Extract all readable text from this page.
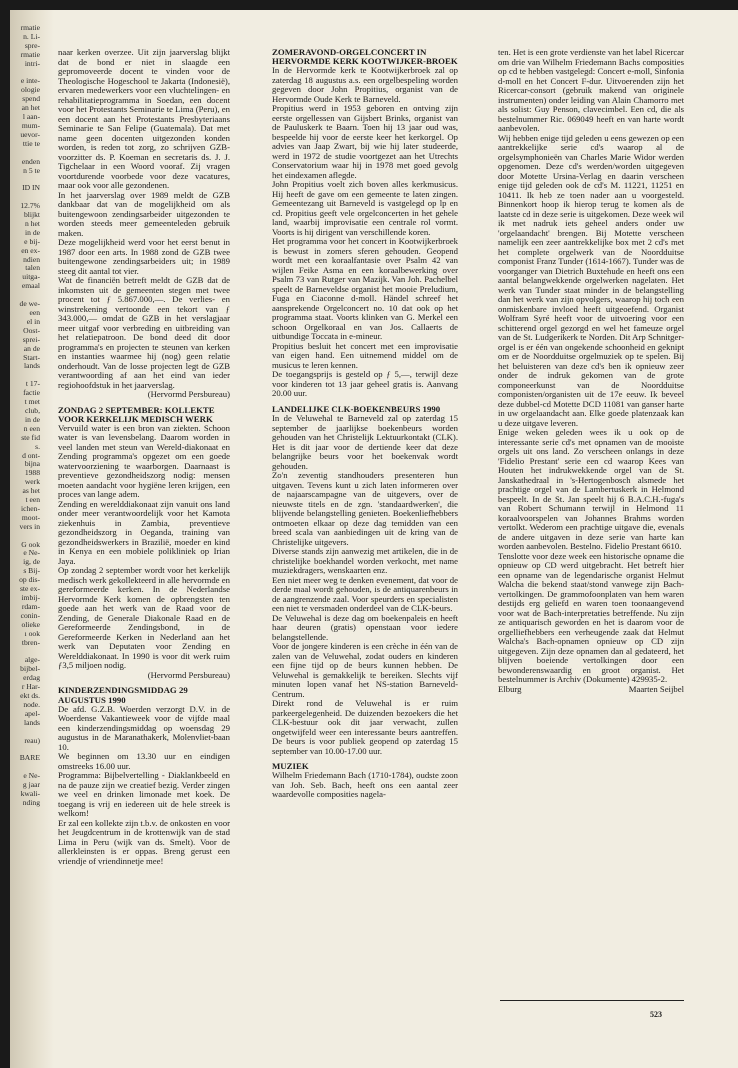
rmatie
n. Li-
spre-
rmatie
intri-

e inte-
ologie
spend
an het
l aan-
mum-
uevor-
ttie te

enden
n 5 te

ID IN

12.7%
blijkt
n het
in de
e bij-
en ex-
ndien
talen
uitga-
emaal

de we-
een
el in
Oost-
sprei-
an de
Start-
lands

t 17-
factie
t met
club,
in de
n een
ste fid
s.
d ont-
bijna
1988
werk
as het
t een
ichen-
moot-
vers in

G ook
e Ne-
ig, de
s Bij-
op dis-
ste ex-
imbij-
rdam-
conin-
olieke
ı ook
tbren-

alge-
bijbel-
erdag
r Har-
ekt ds.
node.
apel-
lands

reau)

BARE

e Ne-
g jaar
kwali-
nding

naar kerken overzee. Uit zijn jaarverslag blijkt dat de bond er niet in slaagde een gepromoveerde docent te vinden voor de Theologische Hogeschool te Jakarta (Indonesië), ervaren medewerkers voor een vluchtelingen- en rehabilitatieprogramma in Soedan, een docent voor het Protestants Seminarie te Lima (Peru), en een docent aan het Protestants Presbyteriaans Seminarie te San Felipe (Guatemala). Dat met name geen docenten uitgezonden konden worden, is reden tot zorg, zo schrijven GZB-voorzitter ds. P. Koeman en secretaris ds. J. J. Tigchelaar in een Woord vooraf. Zij vragen voortdurende voorbede voor deze vacatures, maar ook voor alle gezondenen.

In het jaarverslag over 1989 meldt de GZB dankbaar dat van de mogelijkheid om als buitengewoon zendingsarbeider uitgezonden te worden steeds meer gemeenteleden gebruik maken.

Deze mogelijkheid werd voor het eerst benut in 1987 door een arts. In 1988 zond de GZB twee buitengewone zendingsarbeiders uit; in 1989 steeg dit aantal tot vier.

Wat de financiën betreft meldt de GZB dat de inkomsten uit de gemeenten stegen met twee procent tot ƒ 5.867.000,—. De verlies- en winstrekening vertoonde een tekort van ƒ 343.000,— omdat de GZB in het verslagjaar meer uitgaf voor verbreding en uitbreiding van het relatiepatroon. De bond deed dit door programma's en projecten te steunen van kerken en instanties waarmee hij (nog) geen relatie onderhoudt. Van de losse projecten legt de GZB verantwoording af aan het eind van ieder regiohoofdstuk in het jaarverslag.

(Hervormd Persbureau)

ZONDAG 2 SEPTEMBER: KOLLEKTE VOOR KERKELIJK MEDISCH WERK

Vervuild water is een bron van ziekten. Schoon water is van levensbelang. Daarom worden in veel landen met steun van Wereld-diakonaat en Zending programma's opgezet om een goede watervoorziening te waarborgen. Daarnaast is preventieve gezondheidszorg nodig: mensen moeten aandacht voor hygiëne leren krijgen, een proces van lange adem.

Zending en werelddiakonaat zijn vanuit ons land onder meer verantwoordelijk voor het Kamota ziekenhuis in Zambia, preventieve gezondheidszorg in Oeganda, training van gezondheidswerkers in Brazilië, moeder en kind in Kenya en een mobiele polikliniek op Irian Jaya.

Op zondag 2 september wordt voor het kerkelijk medisch werk gekollekteerd in alle hervormde en gereformeerde kerken. In de Nederlandse Hervormde Kerk komen de opbrengsten ten goede aan het werk van de Raad voor de Zending, de Generale Diakonale Raad en de Gereformeerde Zendingsbond, in de Gereformeerde Kerken in Nederland aan het werk van Deputaten voor Zending en Werelddiakonaat. In 1990 is voor dit werk ruim ƒ3,5 miljoen nodig.

(Hervormd Persbureau)

KINDERZENDINGSMIDDAG 29 AUGUSTUS 1990

De afd. G.Z.B. Woerden verzorgt D.V. in de Woerdense Vakantieweek voor de vijfde maal een kinderzendingsmiddag op woensdag 29 augustus in de Maranathakerk, Molenvliet-baan 10.

We beginnen om 13.30 uur en eindigen omstreeks 16.00 uur.

Programma: Bijbelvertelling - Diaklankbeeld en na de pauze zijn we creatief bezig. Verder zingen we veel en drinken limonade met koek. De toegang is vrij en iedereen uit de hele streek is welkom!

Er zal een kollekte zijn t.b.v. de onkosten en voor het Jeugdcentrum in de krottenwijk van de stad Lima in Peru (wijk van ds. Smelt). Voor de allerkleinsten is er oppas. Breng gerust een vriendje of vriendinnetje mee!

ZOMERAVOND-ORGELCONCERT IN HERVORMDE KERK KOOTWIJKER-BROEK

In de Hervormde kerk te Kootwijkerbroek zal op zaterdag 18 augustus a.s. een orgelbespeling worden gegeven door John Propitius, organist van de Hervormde Oude Kerk te Barneveld.

Propitius werd in 1953 geboren en ontving zijn eerste orgellessen van Gijsbert Brinks, organist van de Pauluskerk te Baarn. Toen hij 13 jaar oud was, bespeelde hij voor de eerste keer het kerkorgel. Op advies van Jaap Zwart, bij wie hij later studeerde, werd in 1972 de studie voortgezet aan het Utrechts Conservatorium waar hij in 1978 met goed gevolg het eindexamen aflegde.

John Propitius voelt zich boven alles kerkmusicus. Hij heeft de gave om een gemeente te laten zingen. Gemeentezang uit Barneveld is vastgelegd op lp en cd. Propitius geeft vele orgelconcerten in het gehele land, waarbij improvisatie een centrale rol vormt. Voorts is hij dirigent van verschillende koren.

Het programma voor het concert in Kootwijkerbroek is bewust in zomers sferen gehouden. Geopend wordt met een koraalfantasie over Psalm 42 van wijlen Feike Asma en een koraalbewerking over Psalm 73 van Rutger van Mazijk. Van Joh. Pachelbel speelt de Barneveldse organist het mooie Preludium, Fuga en Ciaconne d-moll. Händel schreef het aansprekende Orgelconcert no. 10 dat ook op het programma staat. Voorts klinken van G. Merkel een schoon Orgelkoraal en van Jos. Callaerts de uitbundige Toccata in e-mineur.

Propitius besluit het concert met een improvisatie van eigen hand. Een uitnemend middel om de musicus te leren kennen.

De toegangsprijs is gesteld op ƒ 5,—, terwijl deze voor kinderen tot 13 jaar geheel gratis is. Aanvang 20.00 uur.

LANDELIJKE CLK-BOEKENBEURS 1990

In de Veluwehal te Barneveld zal op zaterdag 15 september de jaarlijkse boekenbeurs worden gehouden van het Christelijk Lektuurkontakt (CLK). Het is dit jaar voor de dertiende keer dat deze belangrijke beurs voor het boekenvak wordt gehouden.

Zo'n zeventig standhouders presenteren hun uitgaven. Tevens kunt u zich laten informeren over de najaarscampagne van de uitgevers, over de nieuwste titels en de zgn. 'standaardwerken', die blijvende belangstelling genieten. Boekenliefhebbers ontmoeten elkaar op deze dag temidden van een breed scala van aanbiedingen uit de kring van de Christelijke uitgevers.

Diverse stands zijn aanwezig met artikelen, die in de christelijke boekhandel worden verkocht, met name muziekdragers, wenskaarten enz.

Een niet meer weg te denken evenement, dat voor de derde maal wordt gehouden, is de antiquarenbeurs in de aangrenzende zaal. Voor speurders en specialisten een niet te versmaden onderdeel van de CLK-beurs.

De Veluwehal is deze dag om boekenpaleis en heeft haar deuren (gratis) openstaan voor iedere belangstellende.

Voor de jongere kinderen is een crèche in één van de zalen van de Veluwehal, zodat ouders en kinderen een fijne tijd op de beurs kunnen hebben. De Veluwehal is gemakkelijk te bereiken. Slechts vijf minuten lopen vanaf het NS-station Barneveld-Centrum.

Direkt rond de Veluwehal is er ruim parkeergelegenheid. De duizenden bezoekers die het CLK-bestuur ook dit jaar verwacht, zullen ongetwijfeld weer een interessante beurs aantreffen. De beurs is voor publiek geopend op zaterdag 15 september van 10.00-17.00 uur.

MUZIEK

Wilhelm Friedemann Bach (1710-1784), oudste zoon van Joh. Seb. Bach, heeft ons een aantal zeer waardevolle composities nagela-

ten. Het is een grote verdienste van het label Ricercar om drie van Wilhelm Friedemann Bachs composities op cd te hebben vastgelegd: Concert e-moll, Sinfonia d-moll en het Concert F-dur. Uitvoerenden zijn het Ricercar-consort (gebruik makend van originele instrumenten) onder leiding van Alain Chamorro met als solist: Guy Penson, clavecimbel. Een cd, die als bestelnummer Ric. 069049 heeft en van harte wordt aanbevolen.

Wij hebben enige tijd geleden u eens gewezen op een aantrekkelijke serie cd's waarop al de orgelsymphonieën van Charles Marie Widor werden opgenomen. Deze cd's werden/worden uitgegeven door Motette Ursina-Verlag en daarin verscheen enige tijd geleden ook de cd's M. 11221, 11251 en 10411. Ik heb ze toen nader aan u voorgesteld. Binnenkort hoop ik hierop terug te komen als de laatste cd in deze serie is uitgekomen. Deze week wil ik met nadruk iets geheel anders onder uw 'orgelaandacht' brengen. Bij Motette verscheen namelijk een zeer aantrekkelijke box met 2 cd's met het complete orgelwerk van de Noordduitse componist Franz Tunder (1614-1667). Tunder was de voorganger van Dietrich Buxtehude en heeft ons een aantal belangwekkende orgelwerken nagelaten. Het werk van Tunder staat minder in de belangstelling dan het werk van zijn opvolgers, waarop hij toch een onmiskenbare invloed heeft uitgeoefend. Organist Wolfram Syré heeft voor de uitvoering voor een schitterend orgel gezorgd en wel het fameuze orgel van de St. Ludgerikerk te Norden. Dit Arp Schnitger-orgel is er één van ongekende schoonheid en geknipt om er de Noordduitse orgelmuziek op te spelen. Bij het beluisteren van deze cd's ben ik opnieuw zeer onder de indruk gekomen van de grote componeerkunst van de Noordduitse componisten/organisten uit de 17e eeuw. Ik beveel deze dubbel-cd Motette DCD 11081 van ganser harte in uw orgelaandacht aan. Elke goede platenzaak kan u deze uitgave leveren.

Enige weken geleden wees ik u ook op de interessante serie cd's met opnamen van de mooiste orgels uit ons land. Zo verscheen onlangs in deze 'Fidelio Prestant' serie een cd waarop Kees van Houten het indrukwekkende orgel van de St. Janskathedraal in 's-Hertogenbosch alsmede het prachtige orgel van de Lambertuskerk in Helmond bespeelt. In de St. Jan speelt hij 6 B.A.C.H.-fuga's van Robert Schumann terwijl in Helmond 11 koraalvoorspelen van Johannes Brahms worden vertolkt. Wederom een prachtige uitgave die, evenals de andere uitgaven in deze serie van harte kan worden aanbevolen. Bestelno. Fidelio Prestant 6610.

Tenslotte voor deze week een historische opname die opnieuw op CD werd uitgebracht. Het betreft hier een opname van de legendarische organist Helmut Walcha die bekend staat/stond vanwege zijn Bach-vertolkingen. De grammofoonplaten van hem waren destijds erg geliefd en waren toen toonaangevend voor wat de Bach-interpretaties betreffende. Nu zijn ze antiquarisch geworden en het is daarom voor de orgelliefhebbers een verheugende zaak dat Helmut Walcha's Bach-opnamen opnieuw op CD zijn uitgegeven. Zijn deze opnamen dan al gedateerd, het blijven boeiende vertolkingen door een bewonderenswaardig en groot organist. Het bestelnummer is Archiv (Dokumente) 429935-2.

Elburg	Maarten Seijbel
523
